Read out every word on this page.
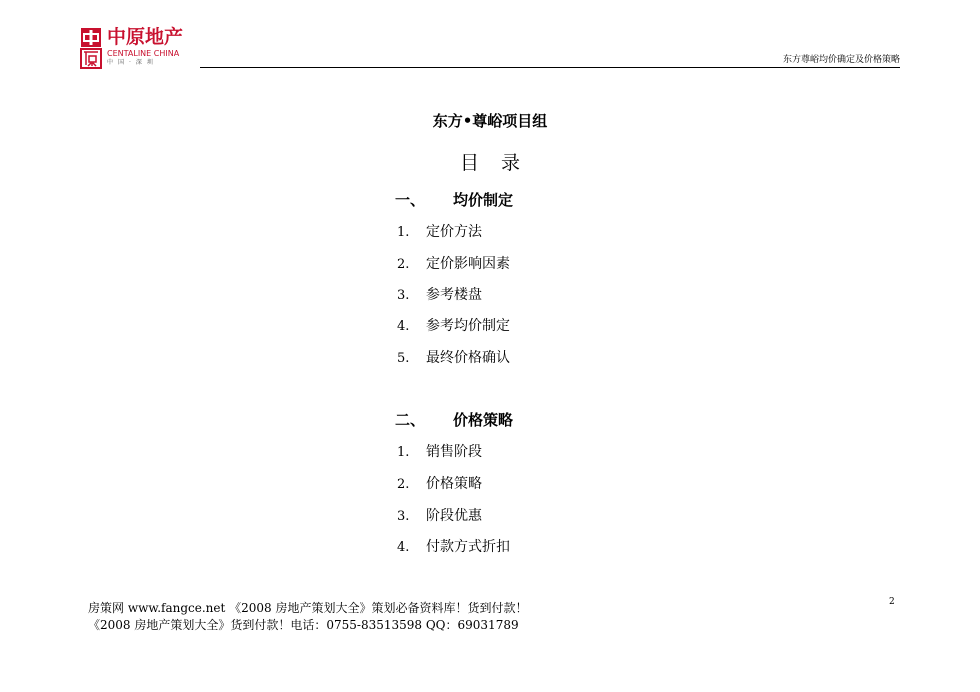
中原地产
CENTALINE CHINA
中国·深圳	东方尊峪均价确定及价格策略
东方•尊峪项目组
目 录
一、 均价制定
1. 定价方法
2. 定价影响因素
3. 参考楼盘
4. 参考均价制定
5. 最终价格确认
二、 价格策略
1. 销售阶段
2. 价格策略
3. 阶段优惠
4. 付款方式折扣
房策网 www.fangce.net 《2008 房地产策划大全》策划必备资料库！货到付款！
《2008 房地产策划大全》货到付款！电话：0755-83513598 QQ：69031789
2
